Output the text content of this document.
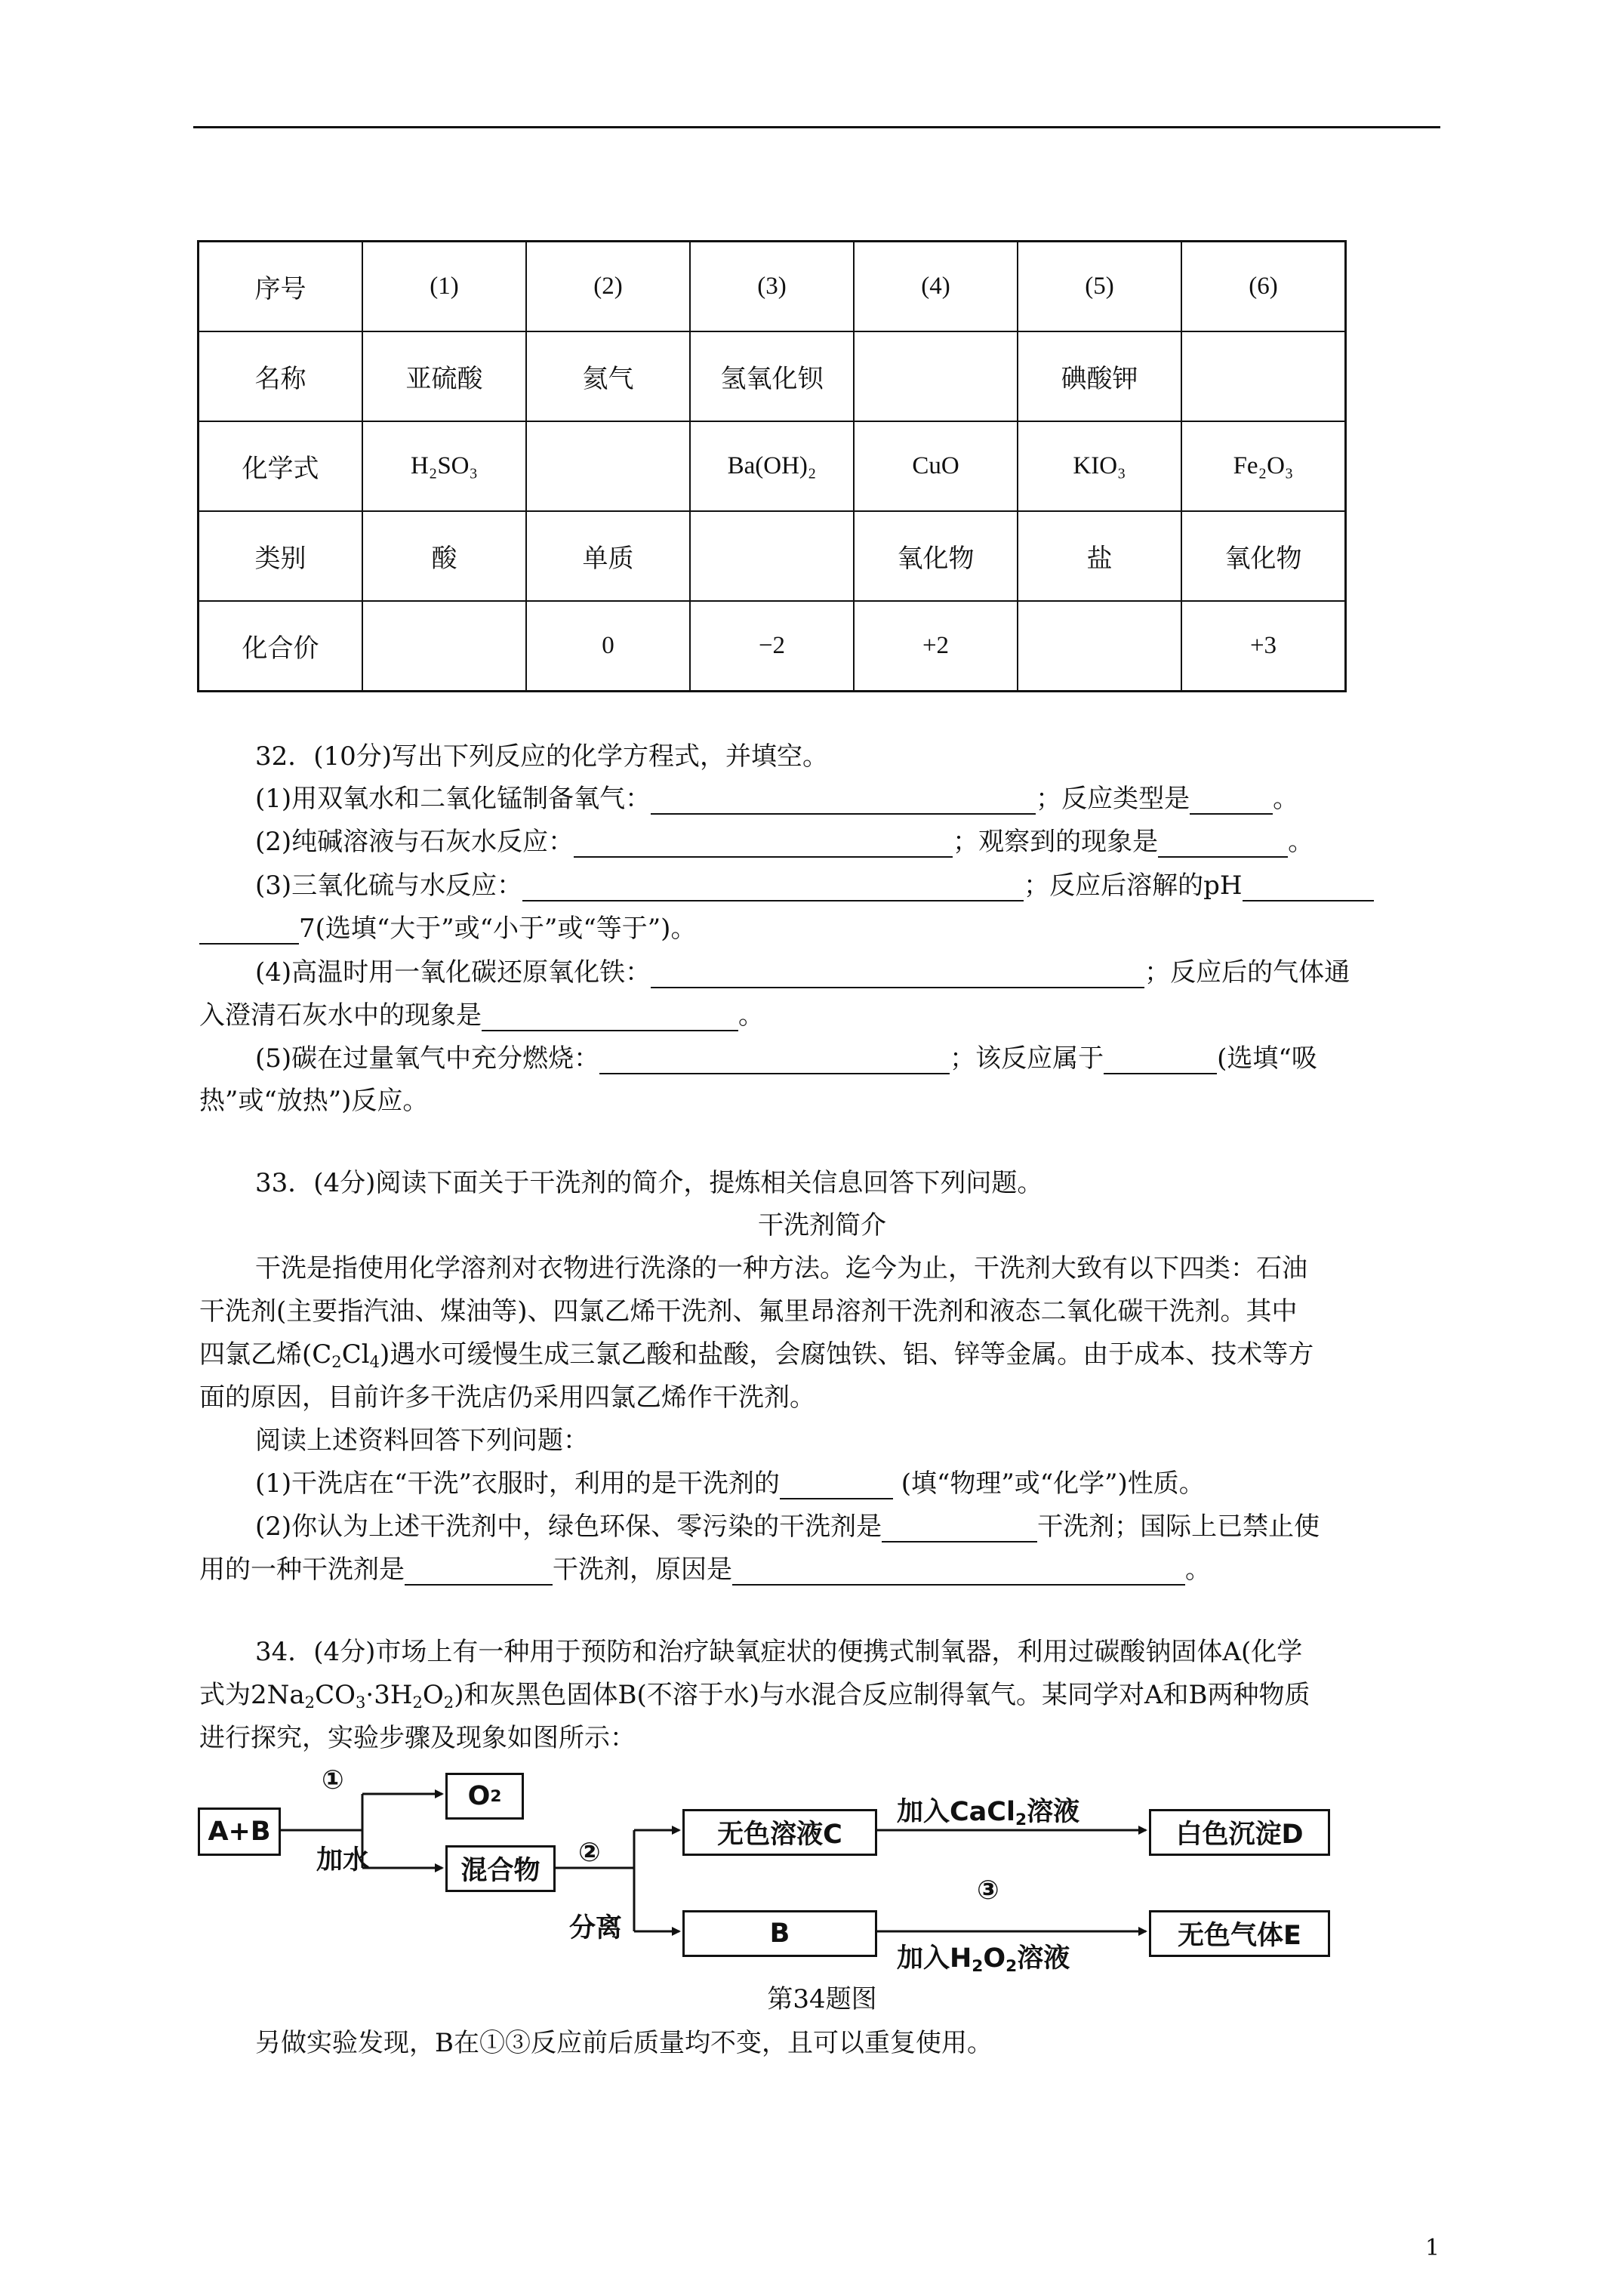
序号	(1)	(2)	(3)	(4)	(5)	(6)
名称	亚硫酸	氦气	氢氧化钡		碘酸钾	
化学式	H₂SO₃		Ba(OH)₂	CuO	KIO₃	Fe₂O₃
类别	酸	单质		氧化物	盐	氧化物
化合价		0	−2	+2		+3
32．(10分)写出下列反应的化学方程式，并填空。
(1)用双氧水和二氧化锰制备氧气：	；反应类型是	。
(2)纯碱溶液与石灰水反应：	；观察到的现象是	。
(3)三氧化硫与水反应：	；反应后溶解的pH
7(选填“大于”或“小于”或“等于”)。
(4)高温时用一氧化碳还原氧化铁：	；反应后的气体通
入澄清石灰水中的现象是	。
(5)碳在过量氧气中充分燃烧：	；该反应属于	(选填“吸
热”或“放热”)反应。
33．(4分)阅读下面关于干洗剂的简介，提炼相关信息回答下列问题。
干洗剂简介
干洗是指使用化学溶剂对衣物进行洗涤的一种方法。迄今为止，干洗剂大致有以下四类：石油
干洗剂(主要指汽油、煤油等)、四氯乙烯干洗剂、氟里昂溶剂干洗剂和液态二氧化碳干洗剂。其中
四氯乙烯$(C_2Cl_4)$遇水可缓慢生成三氯乙酸和盐酸，会腐蚀铁、铝、锌等金属。由于成本、技术等方
面的原因，目前许多干洗店仍采用四氯乙烯作干洗剂。
阅读上述资料回答下列问题：
(1)干洗店在“干洗”衣服时，利用的是干洗剂的	(填“物理”或“化学”)性质。
(2)你认为上述干洗剂中，绿色环保、零污染的干洗剂是	干洗剂；国际上已禁止使
用的一种干洗剂是	干洗剂，原因是	。
34．(4分)市场上有一种用于预防和治疗缺氧症状的便携式制氧器，利用过碳酸钠固体A(化学
式为$2Na_2CO_3\cdot 3H_2O_2$)和灰黑色固体B(不溶于水)与水混合反应制得氧气。某同学对A和B两种物质
进行探究，实验步骤及现象如图所示：
A+B
①
加水
O 2
混合物
②
分离
无色溶液C
加入CaCl$_2$溶液
白色沉淀D
B
③
加入$H_2O_2$溶液
无色气体E
第34题图
另做实验发现，B在①③反应前后质量均不变，且可以重复使用。
1
